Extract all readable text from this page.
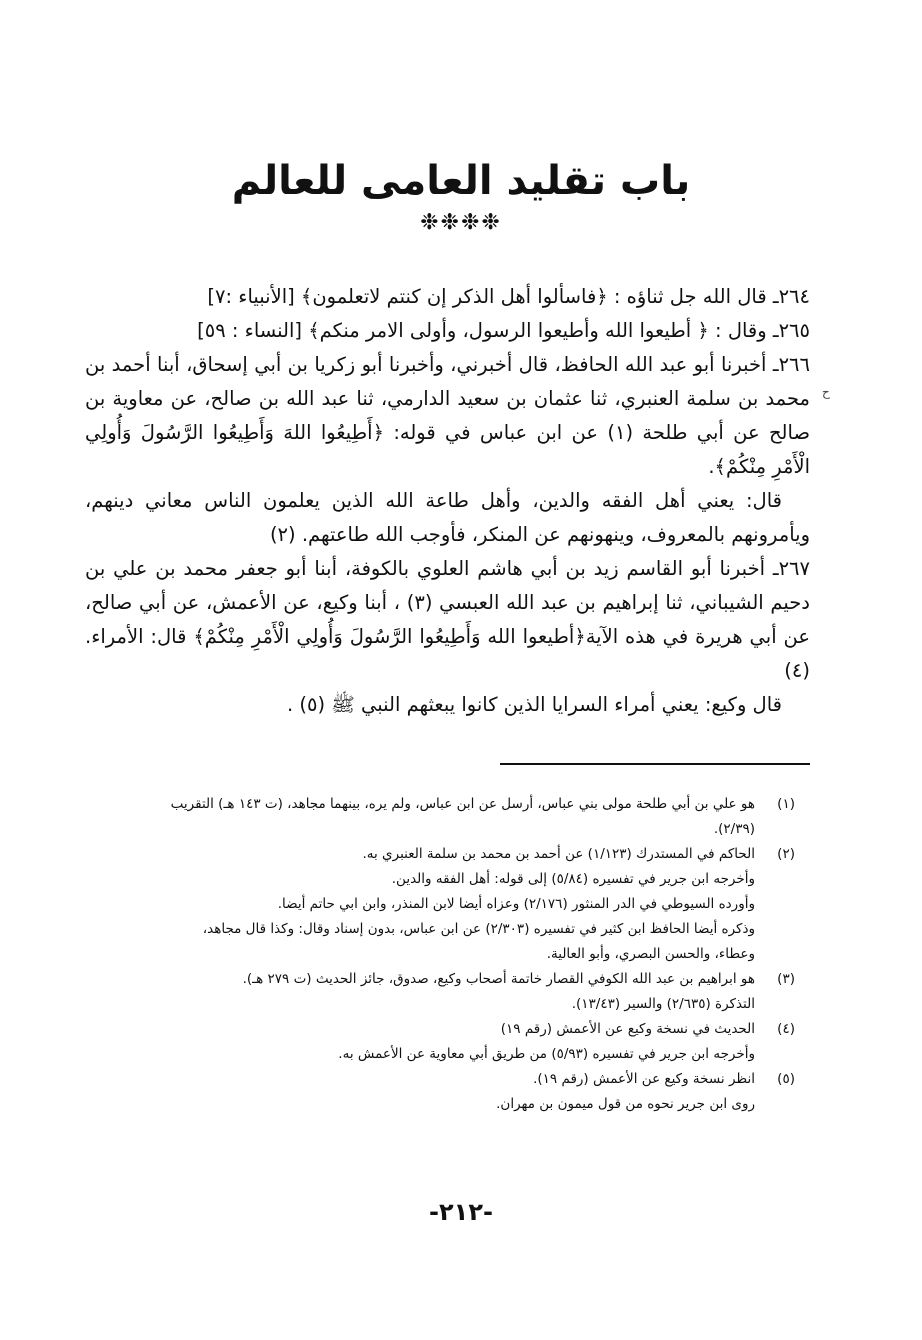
باب تقليد العامى للعالم
❉❉❉❉
ح

٢٦٤ـ قال الله جل ثناؤه : ﴿فاسألوا أهل الذكر إن كنتم لاتعلمون﴾ [الأنبياء :٧]

٢٦٥ـ وقال : ﴿ أطيعوا الله وأطيعوا الرسول، وأولى الامر منكم﴾ [النساء : ٥٩]

٢٦٦ـ أخبرنا أبو عبد الله الحافظ، قال أخبرني، وأخبرنا أبو زكريا بن أبي إسحاق، أبنا أحمد بن محمد بن سلمة العنبري، ثنا عثمان بن سعيد الدارمي، ثنا عبد الله بن صالح، عن معاوية بن صالح عن أبي طلحة (١) عن ابن عباس في قوله: ﴿أَطِيعُوا اللهَ وَأَطِيعُوا الرَّسُولَ وَأُولِي الْأَمْرِ مِنْكُمْ﴾.

قال: يعني أهل الفقه والدين، وأهل طاعة الله الذين يعلمون الناس معاني دينهم، ويأمرونهم بالمعروف، وينهونهم عن المنكر، فأوجب الله طاعتهم. (٢)

٢٦٧ـ أخبرنا أبو القاسم زيد بن أبي هاشم العلوي بالكوفة، أبنا أبو جعفر محمد بن علي بن دحيم الشيباني، ثنا إبراهيم بن عبد الله العبسي (٣) ، أبنا وكيع، عن الأعمش، عن أبي صالح، عن أبي هريرة في هذه الآية﴿أطيعوا الله وَأَطِيعُوا الرَّسُولَ وَأُولِي الْأَمْرِ مِنْكُمْ﴾ قال: الأمراء. (٤)

قال وكيع: يعني أمراء السرايا الذين كانوا يبعثهم النبي ﷺ (٥) .

(١)
هو علي بن أبي طلحة مولى بني عباس، أرسل عن ابن عباس، ولم يره، بينهما مجاهد، (ت ١٤٣ هـ) التقريب
(٢/٣٩).
(٢)
الحاكم في المستدرك (١/١٢٣) عن أحمد بن محمد بن سلمة العنبري به.
وأخرجه ابن جرير في تفسيره (٥/٨٤) إلى قوله: أهل الفقه والدين.
وأورده السيوطي في الدر المنثور (٢/١٧٦) وعزاه أيضا لابن المنذر، وابن ابي حاتم أيضا.
وذكره أيضا الحافظ ابن كثير في تفسيره (٢/٣٠٣) عن ابن عباس، بدون إسناد وقال: وكذا قال مجاهد،
وعطاء، والحسن البصري، وأبو العالية.
(٣)
هو ابراهيم بن عبد الله الكوفي القصار خاتمة أصحاب وكيع، صدوق، جائز الحديث (ت ٢٧٩ هـ).
التذكرة (٢/٦٣٥) والسير (١٣/٤٣).
(٤)
الحديث في نسخة وكيع عن الأعمش (رقم ١٩)
وأخرجه ابن جرير في تفسيره (٥/٩٣) من طريق أبي معاوية عن الأعمش به.
(٥)
انظر نسخة وكيع عن الأعمش (رقم ١٩).
روى ابن جرير نحوه من قول ميمون بن مهران.
-٢١٢-
